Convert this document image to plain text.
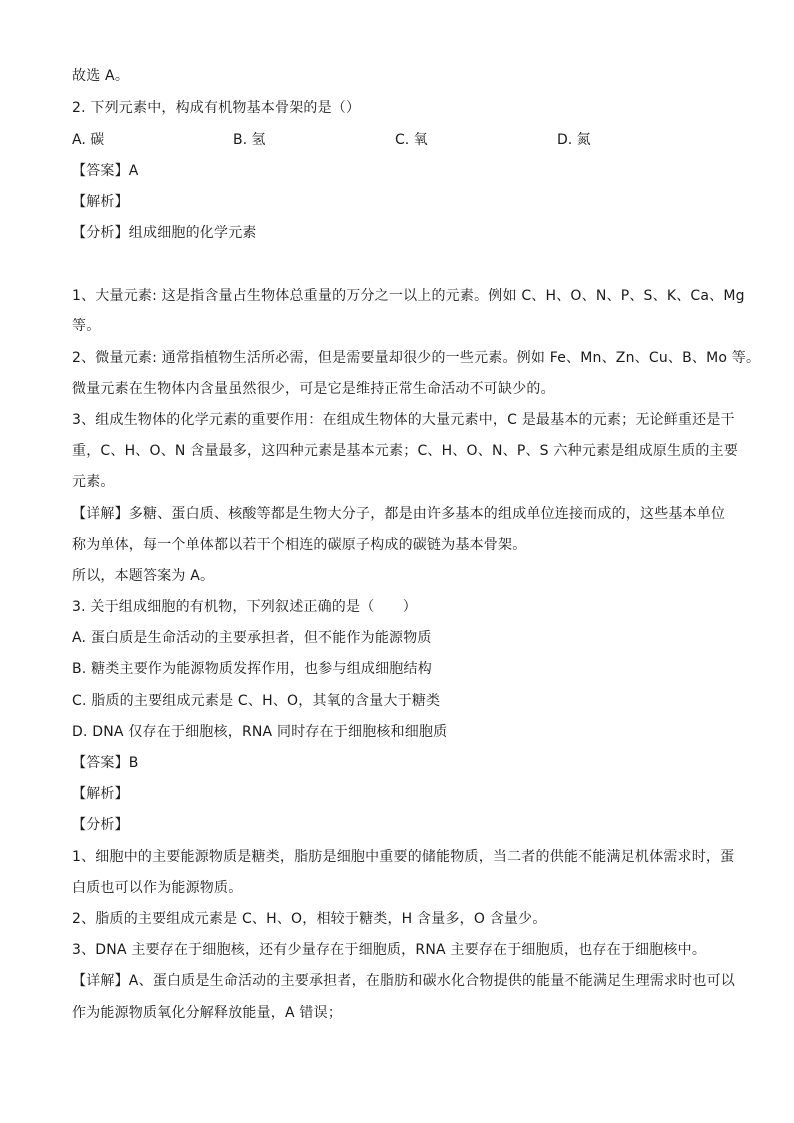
故选 A。
2. 下列元素中，构成有机物基本骨架的是（）
A. 碳	B. 氢	C. 氧	D. 氮
【答案】A
【解析】
【分析】组成细胞的化学元素
1、大量元素: 这是指含量占生物体总重量的万分之一以上的元素。例如 C、H、O、N、P、S、K、Ca、Mg
等。
2、微量元素: 通常指植物生活所必需，但是需要量却很少的一些元素。例如 Fe、Mn、Zn、Cu、B、Mo 等。
微量元素在生物体内含量虽然很少，可是它是维持正常生命活动不可缺少的。
3、组成生物体的化学元素的重要作用：在组成生物体的大量元素中，C 是最基本的元素；无论鲜重还是干
重，C、H、O、N 含量最多，这四种元素是基本元素；C、H、O、N、P、S 六种元素是组成原生质的主要
元素。
【详解】多糖、蛋白质、核酸等都是生物大分子，都是由许多基本的组成单位连接而成的，这些基本单位
称为单体，每一个单体都以若干个相连的碳原子构成的碳链为基本骨架。
所以，本题答案为 A。
3. 关于组成细胞的有机物，下列叙述正确的是（　　）
A. 蛋白质是生命活动的主要承担者，但不能作为能源物质
B. 糖类主要作为能源物质发挥作用，也参与组成细胞结构
C. 脂质的主要组成元素是 C、H、O，其氧的含量大于糖类
D. DNA 仅存在于细胞核，RNA 同时存在于细胞核和细胞质
【答案】B
【解析】
【分析】
1、细胞中的主要能源物质是糖类，脂肪是细胞中重要的储能物质，当二者的供能不能满足机体需求时，蛋
白质也可以作为能源物质。
2、脂质的主要组成元素是 C、H、O，相较于糖类，H 含量多，O 含量少。
3、DNA 主要存在于细胞核，还有少量存在于细胞质，RNA 主要存在于细胞质，也存在于细胞核中。
【详解】A、蛋白质是生命活动的主要承担者，在脂肪和碳水化合物提供的能量不能满足生理需求时也可以
作为能源物质氧化分解释放能量，A 错误；
